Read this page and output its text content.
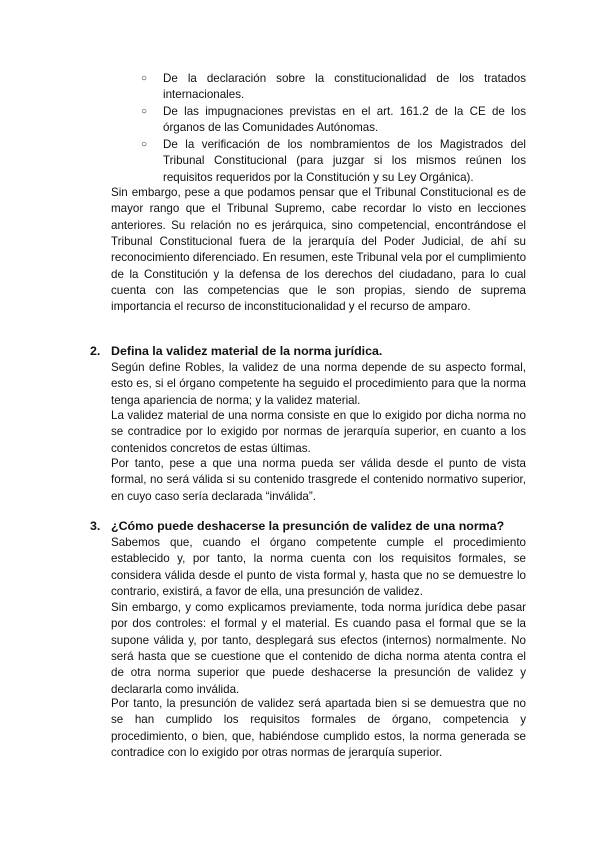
○ De la declaración sobre la constitucionalidad de los tratados internacionales.
○ De las impugnaciones previstas en el art. 161.2 de la CE de los órganos de las Comunidades Autónomas.
○ De la verificación de los nombramientos de los Magistrados del Tribunal Constitucional (para juzgar si los mismos reúnen los requisitos requeridos por la Constitución y su Ley Orgánica).

Sin embargo, pese a que podamos pensar que el Tribunal Constitucional es de mayor rango que el Tribunal Supremo, cabe recordar lo visto en lecciones anteriores. Su relación no es jerárquica, sino competencial, encontrándose el Tribunal Constitucional fuera de la jerarquía del Poder Judicial, de ahí su reconocimiento diferenciado. En resumen, este Tribunal vela por el cumplimiento de la Constitución y la defensa de los derechos del ciudadano, para lo cual cuenta con las competencias que le son propias, siendo de suprema importancia el recurso de inconstitucionalidad y el recurso de amparo.

2. Defina la validez material de la norma jurídica.

Según define Robles, la validez de una norma depende de su aspecto formal, esto es, si el órgano competente ha seguido el procedimiento para que la norma tenga apariencia de norma; y la validez material.

La validez material de una norma consiste en que lo exigido por dicha norma no se contradice por lo exigido por normas de jerarquía superior, en cuanto a los contenidos concretos de estas últimas.

Por tanto, pese a que una norma pueda ser válida desde el punto de vista formal, no será válida si su contenido trasgrede el contenido normativo superior, en cuyo caso sería declarada “inválida”.

3. ¿Cómo puede deshacerse la presunción de validez de una norma?

Sabemos que, cuando el órgano competente cumple el procedimiento establecido y, por tanto, la norma cuenta con los requisitos formales, se considera válida desde el punto de vista formal y, hasta que no se demuestre lo contrario, existirá, a favor de ella, una presunción de validez.

Sin embargo, y como explicamos previamente, toda norma jurídica debe pasar por dos controles: el formal y el material. Es cuando pasa el formal que se la supone válida y, por tanto, desplegará sus efectos (internos) normalmente. No será hasta que se cuestione que el contenido de dicha norma atenta contra el de otra norma superior que puede deshacerse la presunción de validez y declararla como inválida.

Por tanto, la presunción de validez será apartada bien si se demuestra que no se han cumplido los requisitos formales de órgano, competencia y procedimiento, o bien, que, habiéndose cumplido estos, la norma generada se contradice con lo exigido por otras normas de jerarquía superior.
